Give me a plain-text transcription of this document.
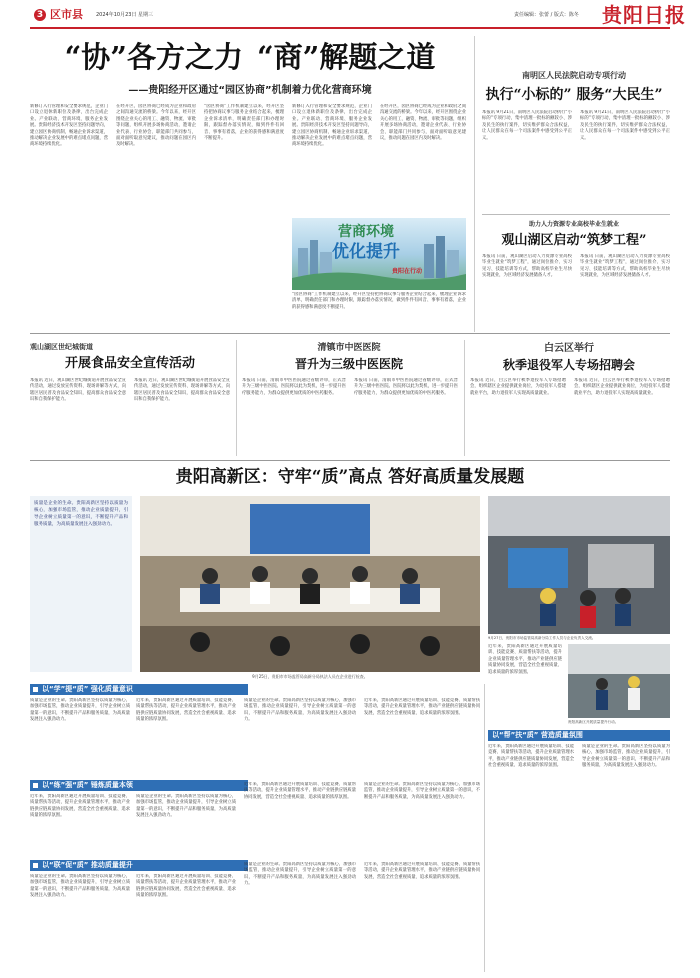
3 区市县	2024年10月23日 星期三	责任编辑：张蕾 / 版式：陈冬 贵阳日报
“协”各方之力 “商”解题之道
——贵阳经开区通过“园区协商”机制着力优化营商环境
新修订入行管理和安全要求规范，企业门口设立退休新职位及条律，出台完成企业。产业联动、营商环境、服务企业发展。贵阳经济技术开发区坚持问题导向，建立园区协商机制，畅通企业诉求渠道，推动解决企业发展中的难点堵点问题，营商环境持续优化。
在经开区，园区协商已经成为企业和政府之间沟通交流的桥梁。今年以来，经开区围绕企业关心的用工、融资、物流、审批等问题，组织开展多场协商活动，邀请企业代表、行业协会、职能部门共同参与，面对面听取意见建议，推动问题在园区内及时解决。
“园区协商”工作机制建立以来，经开区坚持把协商议事与服务企业结合起来，梳理企业诉求清单，明确责任部门和办理时限，跟踪督办落实情况，做到件件有回音、事事有着落，企业的获得感和满意度不断提升。
新修订入行管理和安全要求规范，企业门口设立退休新职位及条律，出台完成企业。产业联动、营商环境、服务企业发展。贵阳经济技术开发区坚持问题导向，建立园区协商机制，畅通企业诉求渠道，推动解决企业发展中的难点堵点问题，营商环境持续优化。
在经开区，园区协商已经成为企业和政府之间沟通交流的桥梁。今年以来，经开区围绕企业关心的用工、融资、物流、审批等问题，组织开展多场协商活动，邀请企业代表、行业协会、职能部门共同参与，面对面听取意见建议，推动问题在园区内及时解决。
“园区协商”工作机制建立以来，经开区坚持把协商议事与服务企业结合起来，梳理企业诉求清单，明确责任部门和办理时限，跟踪督办落实情况，做到件件有回音、事事有着落，企业的获得感和满意度不断提升。
营商环境
优化提升
贵阳在行动
南明区人民法院启动专项行动
执行“小标的” 服务“大民生”
本报讯 9月21日，南明区人民法院启动执行“小标的”专项行动，集中清理一批标的额较小、涉及民生的执行案件，切实维护群众合法权益，让人民群众在每一个司法案件中感受到公平正义。
本报讯 9月21日，南明区人民法院启动执行“小标的”专项行动，集中清理一批标的额较小、涉及民生的执行案件，切实维护群众合法权益，让人民群众在每一个司法案件中感受到公平正义。
助力人力资源专业高校毕业生就业
观山湖区启动“筑梦工程”
本报讯 日前，观山湖区启动人力资源专业高校毕业生就业“筑梦工程”，通过岗位推介、实习见习、技能培训等方式，帮助高校毕业生尽快实现就业，为区域经济发展储备人才。
本报讯 日前，观山湖区启动人力资源专业高校毕业生就业“筑梦工程”，通过岗位推介、实习见习、技能培训等方式，帮助高校毕业生尽快实现就业，为区域经济发展储备人才。
观山湖区世纪城街道
开展食品安全宣传活动
本报讯 近日，观山湖区世纪城街道开展食品安全宣传活动，通过发放宣传资料、现场讲解等方式，向辖区居民普及食品安全知识，提高群众食品安全意识和自我保护能力。
本报讯 近日，观山湖区世纪城街道开展食品安全宣传活动，通过发放宣传资料、现场讲解等方式，向辖区居民普及食品安全知识，提高群众食品安全意识和自我保护能力。
清镇市中医医院
晋升为三级中医医院
本报讯 日前，清镇市中医医院通过省级评审，正式晋升为三级中医医院。医院将以此为契机，进一步提升医疗服务能力，为群众提供更加优质的中医药服务。
本报讯 日前，清镇市中医医院通过省级评审，正式晋升为三级中医医院。医院将以此为契机，进一步提升医疗服务能力，为群众提供更加优质的中医药服务。
白云区举行
秋季退役军人专场招聘会
本报讯 近日，白云区举行秋季退役军人专场招聘会，组织辖区企业提供就业岗位，为退役军人搭建就业平台，助力退役军人实现高质量就业。
本报讯 近日，白云区举行秋季退役军人专场招聘会，组织辖区企业提供就业岗位，为退役军人搭建就业平台，助力退役军人实现高质量就业。
贵阳高新区：守牢“质”高点 答好高质量发展题
质量是企业的生命。贵阳高新区坚持以质量为核心，加强市场监管，推动企业质量提升，引导企业树立质量第一的意识，不断提升产品和服务质量，为高质量发展注入强劲动力。
9月25日，贵阳市市场监管局高新分局执法人员在企业进行检查。
9月27日，贵阳市市场监管局高新分局工作人员与企业负责人交流。
贵阳高新区开展质量提升行动。
近年来，贵阳高新区通过开展质量培训、技能竞赛、质量帮扶等活动，提升企业质量管理水平，推动产业链供应链质量协同发展，营造全社会重视质量、追求质量的浓厚氛围。
以“学”提“质” 强化质量意识
质量是企业的生命。贵阳高新区坚持以质量为核心，加强市场监管，推动企业质量提升，引导企业树立质量第一的意识，不断提升产品和服务质量，为高质量发展注入强劲动力。
近年来，贵阳高新区通过开展质量培训、技能竞赛、质量帮扶等活动，提升企业质量管理水平，推动产业链供应链质量协同发展，营造全社会重视质量、追求质量的浓厚氛围。
质量是企业的生命。贵阳高新区坚持以质量为核心，加强市场监管，推动企业质量提升，引导企业树立质量第一的意识，不断提升产品和服务质量，为高质量发展注入强劲动力。
近年来，贵阳高新区通过开展质量培训、技能竞赛、质量帮扶等活动，提升企业质量管理水平，推动产业链供应链质量协同发展，营造全社会重视质量、追求质量的浓厚氛围。
以“练”强“质” 锤炼质量本领
近年来，贵阳高新区通过开展质量培训、技能竞赛、质量帮扶等活动，提升企业质量管理水平，推动产业链供应链质量协同发展，营造全社会重视质量、追求质量的浓厚氛围。
质量是企业的生命。贵阳高新区坚持以质量为核心，加强市场监管，推动企业质量提升，引导企业树立质量第一的意识，不断提升产品和服务质量，为高质量发展注入强劲动力。
近年来，贵阳高新区通过开展质量培训、技能竞赛、质量帮扶等活动，提升企业质量管理水平，推动产业链供应链质量协同发展，营造全社会重视质量、追求质量的浓厚氛围。
质量是企业的生命。贵阳高新区坚持以质量为核心，加强市场监管，推动企业质量提升，引导企业树立质量第一的意识，不断提升产品和服务质量，为高质量发展注入强劲动力。
以“联”促“质” 推动质量提升
质量是企业的生命。贵阳高新区坚持以质量为核心，加强市场监管，推动企业质量提升，引导企业树立质量第一的意识，不断提升产品和服务质量，为高质量发展注入强劲动力。
近年来，贵阳高新区通过开展质量培训、技能竞赛、质量帮扶等活动，提升企业质量管理水平，推动产业链供应链质量协同发展，营造全社会重视质量、追求质量的浓厚氛围。
质量是企业的生命。贵阳高新区坚持以质量为核心，加强市场监管，推动企业质量提升，引导企业树立质量第一的意识，不断提升产品和服务质量，为高质量发展注入强劲动力。
近年来，贵阳高新区通过开展质量培训、技能竞赛、质量帮扶等活动，提升企业质量管理水平，推动产业链供应链质量协同发展，营造全社会重视质量、追求质量的浓厚氛围。
以“帮”扶“质” 营造质量氛围
近年来，贵阳高新区通过开展质量培训、技能竞赛、质量帮扶等活动，提升企业质量管理水平，推动产业链供应链质量协同发展，营造全社会重视质量、追求质量的浓厚氛围。
质量是企业的生命。贵阳高新区坚持以质量为核心，加强市场监管，推动企业质量提升，引导企业树立质量第一的意识，不断提升产品和服务质量，为高质量发展注入强劲动力。
